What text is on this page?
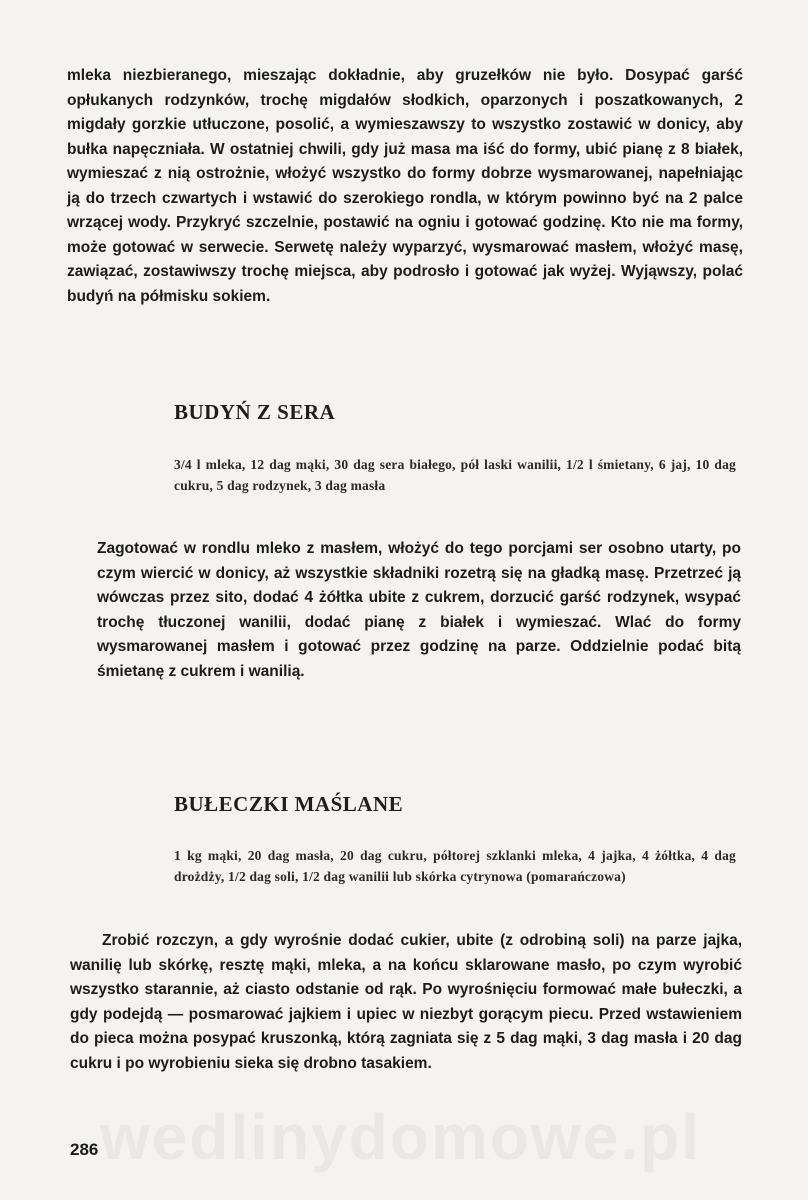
mleka niezbieranego, mieszając dokładnie, aby gruzełków nie było. Dosypać garść opłukanych rodzynków, trochę migdałów słodkich, oparzonych i poszatkowanych, 2 migdały gorzkie utłuczone, posolić, a wymieszawszy to wszystko zostawić w donicy, aby bułka napęczniała. W ostatniej chwili, gdy już masa ma iść do formy, ubić pianę z 8 białek, wymieszać z nią ostrożnie, włożyć wszystko do formy dobrze wysmarowanej, napełniając ją do trzech czwartych i wstawić do szerokiego rondla, w którym powinno być na 2 palce wrzącej wody. Przykryć szczelnie, postawić na ogniu i gotować godzinę. Kto nie ma formy, może gotować w serwecie. Serwetę należy wyparzyć, wysmarować masłem, włożyć masę, zawiązać, zostawiwszy trochę miejsca, aby podrosło i gotować jak wyżej. Wyjąwszy, polać budyń na półmisku sokiem.

BUDYŃ Z SERA

3/4 l mleka, 12 dag mąki, 30 dag sera białego, pół laski wanilii, 1/2 l śmietany, 6 jaj, 10 dag cukru, 5 dag rodzynek, 3 dag masła

Zagotować w rondlu mleko z masłem, włożyć do tego porcjami ser osobno utarty, po czym wiercić w donicy, aż wszystkie składniki rozetrą się na gładką masę. Przetrzeć ją wówczas przez sito, dodać 4 żółtka ubite z cukrem, dorzucić garść rodzynek, wsypać trochę tłuczonej wanilii, dodać pianę z białek i wymieszać. Wlać do formy wysmarowanej masłem i gotować przez godzinę na parze. Oddzielnie podać bitą śmietanę z cukrem i wanilią.

BUŁECZKI MAŚLANE

1 kg mąki, 20 dag masła, 20 dag cukru, półtorej szklanki mleka, 4 jajka, 4 żółtka, 4 dag drożdży, 1/2 dag soli, 1/2 dag wanilii lub skórka cytrynowa (pomarańczowa)

Zrobić rozczyn, a gdy wyrośnie dodać cukier, ubite (z odrobiną soli) na parze jajka, wanilię lub skórkę, resztę mąki, mleka, a na końcu sklarowane masło, po czym wyrobić wszystko starannie, aż ciasto odstanie od rąk. Po wyrośnięciu formować małe bułeczki, a gdy podejdą — posmarować jajkiem i upiec w niezbyt gorącym piecu. Przed wstawieniem do pieca można posypać kruszonką, którą zagniata się z 5 dag mąki, 3 dag masła i 20 dag cukru i po wyrobieniu sieka się drobno tasakiem.

wedlinydomowe.pl
286
